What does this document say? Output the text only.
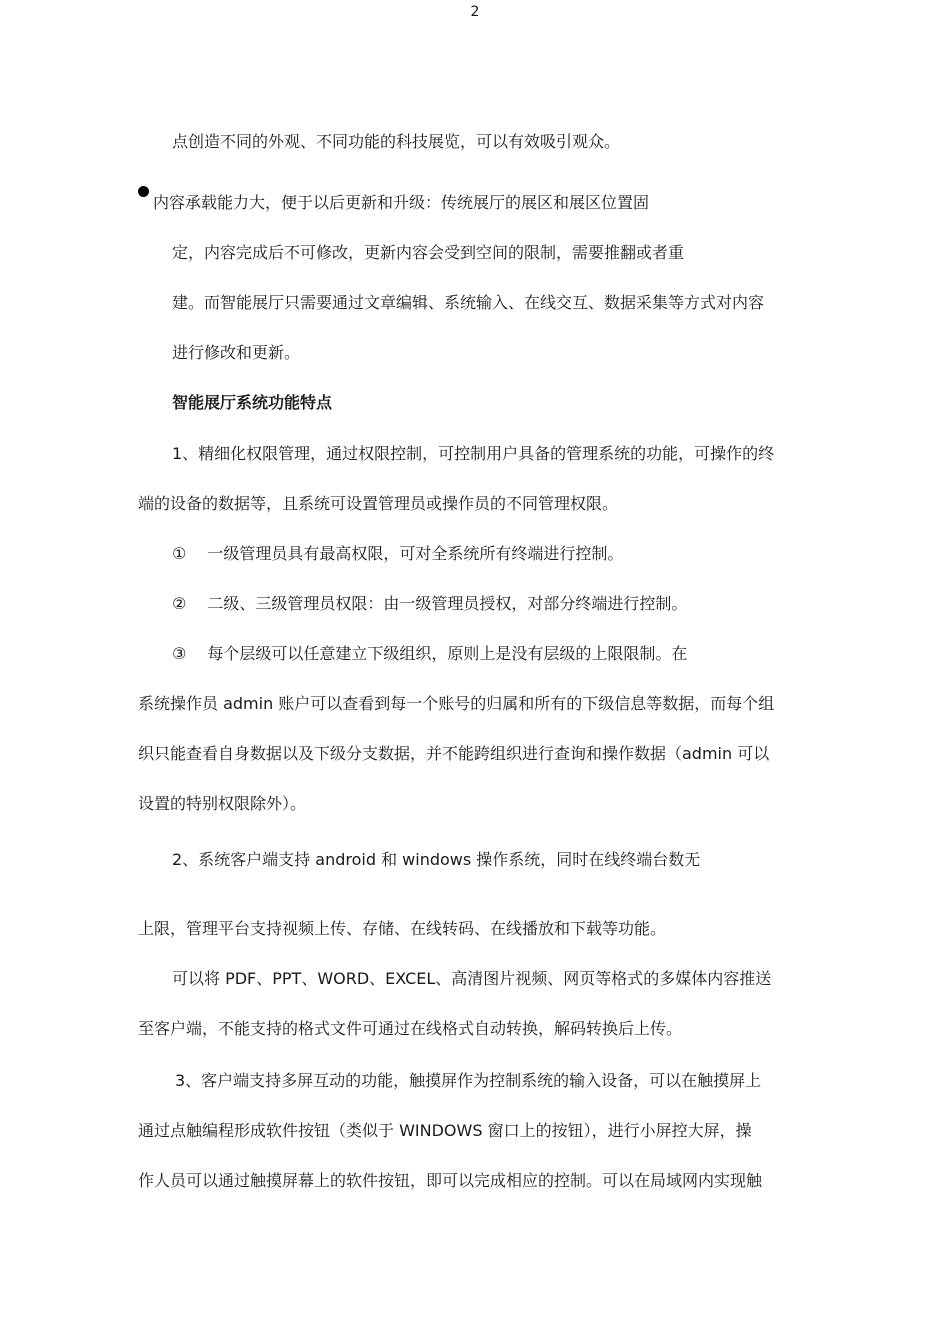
2
点创造不同的外观、不同功能的科技展览，可以有效吸引观众。
内容承载能力大，便于以后更新和升级：传统展厅的展区和展区位置固
定，内容完成后不可修改，更新内容会受到空间的限制，需要推翻或者重
建。而智能展厅只需要通过文章编辑、系统输入、在线交互、数据采集等方式对内容
进行修改和更新。
智能展厅系统功能特点
1、精细化权限管理，通过权限控制，可控制用户具备的管理系统的功能，可操作的终
端的设备的数据等，且系统可设置管理员或操作员的不同管理权限。
①　 一级管理员具有最高权限，可对全系统所有终端进行控制。
②　 二级、三级管理员权限：由一级管理员授权，对部分终端进行控制。
③　 每个层级可以任意建立下级组织，原则上是没有层级的上限限制。在
系统操作员 admin 账户可以查看到每一个账号的归属和所有的下级信息等数据，而每个组
织只能查看自身数据以及下级分支数据，并不能跨组织进行查询和操作数据（admin 可以
设置的特别权限除外）。
2、系统客户端支持 android 和 windows 操作系统，同时在线终端台数无
上限，管理平台支持视频上传、存储、在线转码、在线播放和下载等功能。
可以将 PDF、PPT、WORD、EXCEL、高清图片视频、网页等格式的多媒体内容推送
至客户端，不能支持的格式文件可通过在线格式自动转换，解码转换后上传。
3、客户端支持多屏互动的功能，触摸屏作为控制系统的输入设备，可以在触摸屏上
通过点触编程形成软件按钮（类似于 WINDOWS 窗口上的按钮），进行小屏控大屏，操
作人员可以通过触摸屏幕上的软件按钮，即可以完成相应的控制。可以在局域网内实现触
